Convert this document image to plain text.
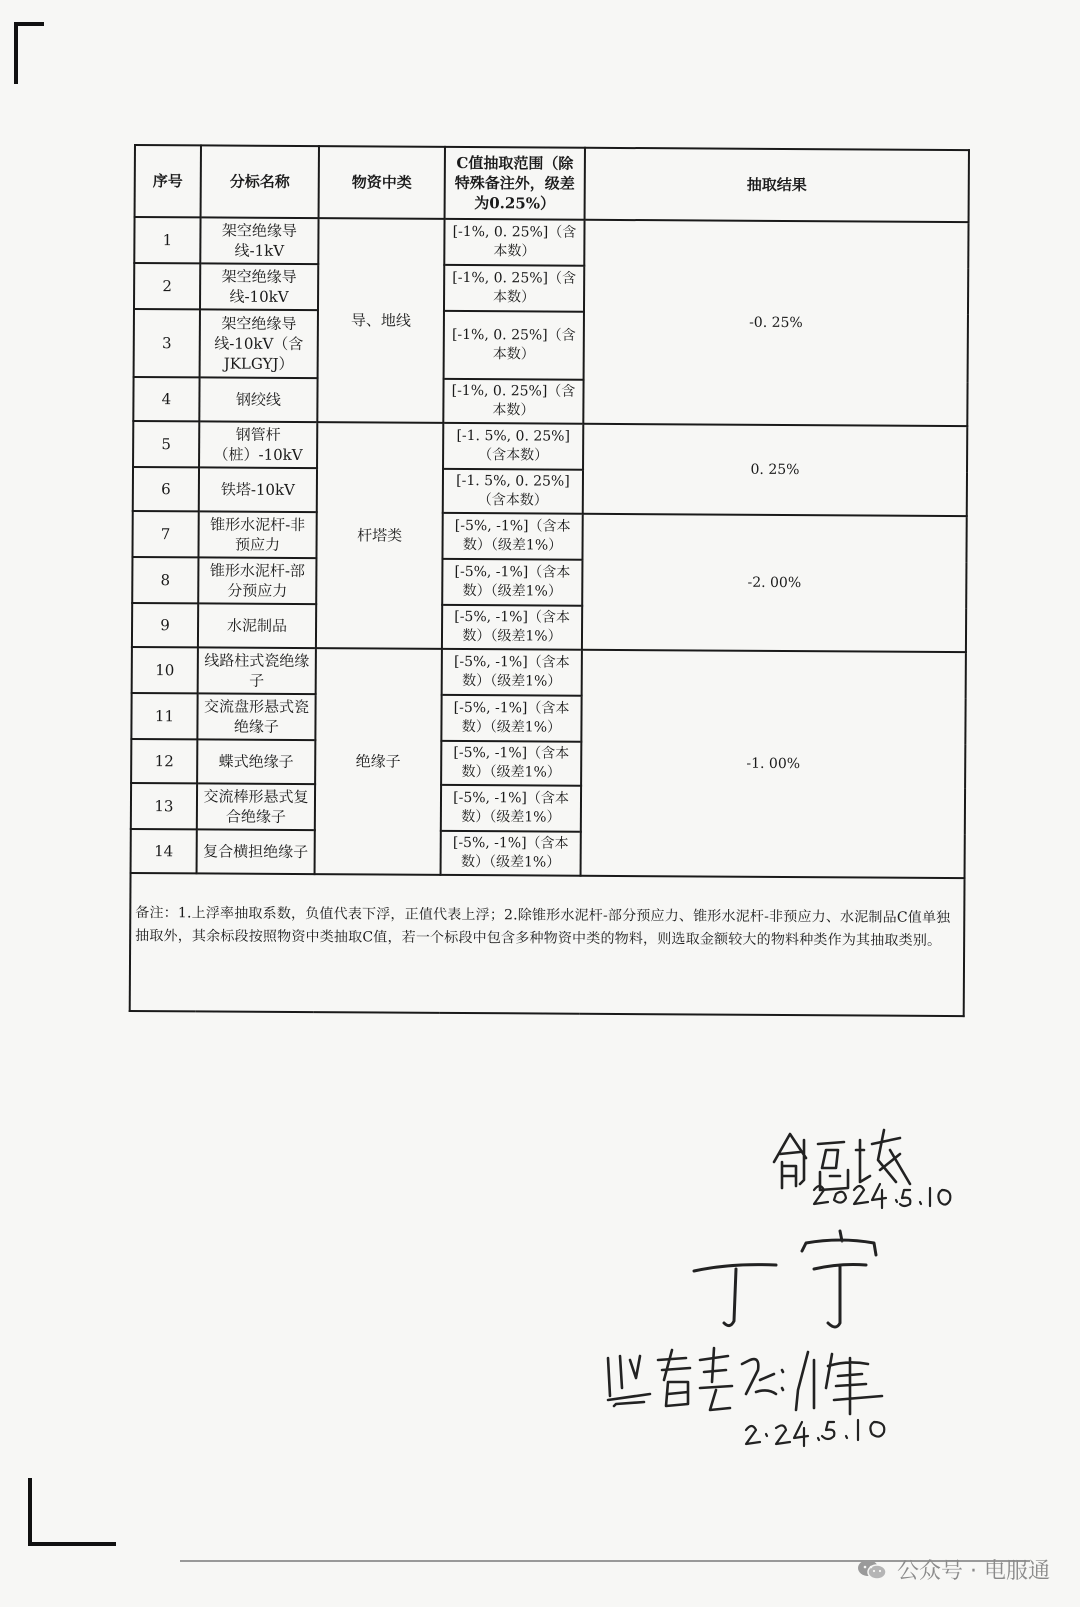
序号	分标名称	物资中类	C值抽取范围（除特殊备注外，级差为0.25%）	抽取结果
1	架空绝缘导线-1kV	导、地线	[-1%, 0. 25%]（含本数）	-0. 25%
2	架空绝缘导线-10kV		[-1%, 0. 25%]（含本数）	
3	架空绝缘导线-10kV（含JKLGYJ）		[-1%, 0. 25%]（含本数）	
4	钢绞线		[-1%, 0. 25%]（含本数）	
5	钢管杆（桩）-10kV	杆塔类	[-1. 5%, 0. 25%]（含本数）	0. 25%
6	铁塔-10kV		[-1. 5%, 0. 25%]（含本数）	
7	锥形水泥杆-非预应力		[-5%, -1%]（含本数）（级差1%）	-2. 00%
8	锥形水泥杆-部分预应力		[-5%, -1%]（含本数）（级差1%）	
9	水泥制品		[-5%, -1%]（含本数）（级差1%）	
10	线路柱式瓷绝缘子	绝缘子	[-5%, -1%]（含本数）（级差1%）	-1. 00%
11	交流盘形悬式瓷绝缘子		[-5%, -1%]（含本数）（级差1%）	
12	蝶式绝缘子		[-5%, -1%]（含本数）（级差1%）	
13	交流棒形悬式复合绝缘子		[-5%, -1%]（含本数）（级差1%）	
14	复合横担绝缘子		[-5%, -1%]（含本数）（级差1%）	
备注：1.上浮率抽取系数，负值代表下浮，正值代表上浮；2.除锥形水泥杆-部分预应力、锥形水泥杆-非预应力、水泥制品C值单独抽取外，其余标段按照物资中类抽取C值，若一个标段中包含多种物资中类的物料，则选取金额较大的物料种类作为其抽取类别。				
公众号 · 电服通
